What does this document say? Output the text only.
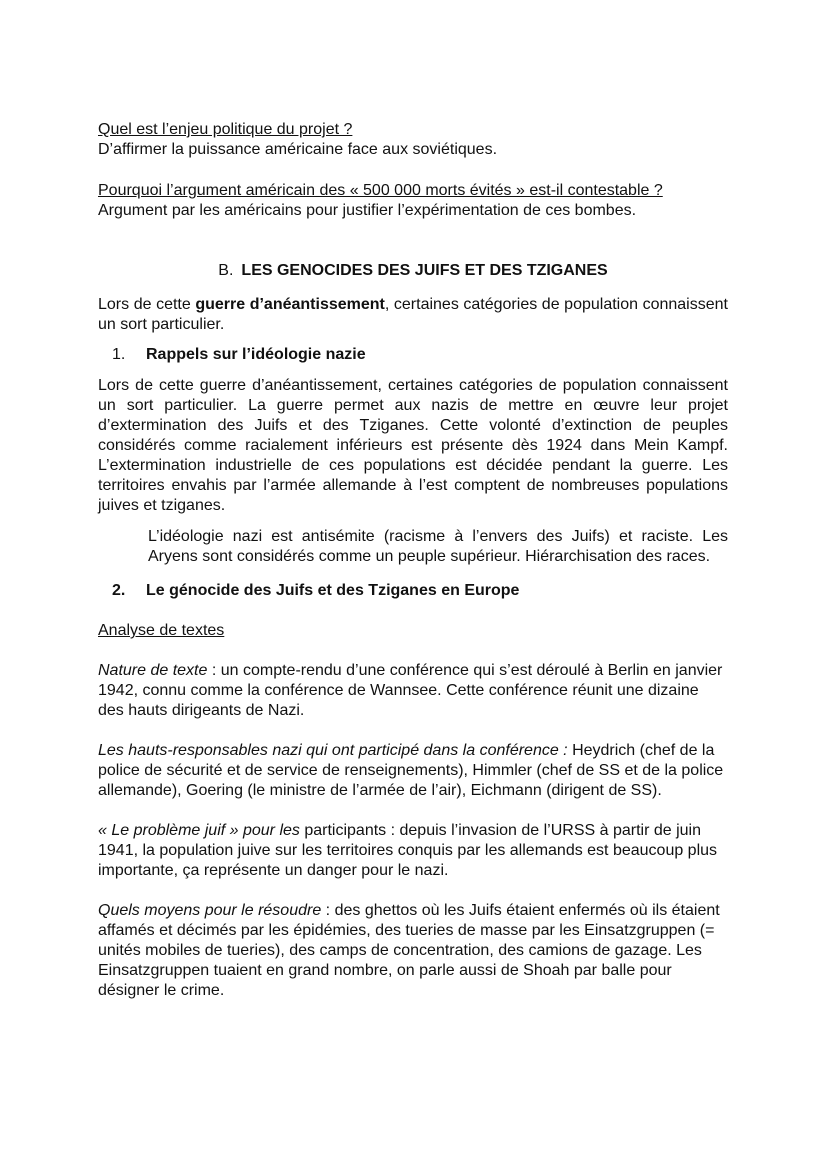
Quel est l’enjeu politique du projet ?

D’affirmer la puissance américaine face aux soviétiques.

Pourquoi l’argument américain des « 500 000 morts évités » est-il contestable ?

Argument par les américains pour justifier l’expérimentation de ces bombes.

B. LES GENOCIDES DES JUIFS ET DES TZIGANES

Lors de cette guerre d’anéantissement, certaines catégories de population connaissent un sort particulier.

1. Rappels sur l’idéologie nazie

Lors de cette guerre d’anéantissement, certaines catégories de population connaissent un sort particulier. La guerre permet aux nazis de mettre en œuvre leur projet d’extermination des Juifs et des Tziganes. Cette volonté d’extinction de peuples considérés comme racialement inférieurs est présente dès 1924 dans Mein Kampf. L’extermination industrielle de ces populations est décidée pendant la guerre. Les territoires envahis par l’armée allemande à l’est comptent de nombreuses populations juives et tziganes.

L’idéologie nazi est antisémite (racisme à l’envers des Juifs) et raciste. Les Aryens sont considérés comme un peuple supérieur. Hiérarchisation des races.

2. Le génocide des Juifs et des Tziganes en Europe

Analyse de textes

Nature de texte : un compte-rendu d’une conférence qui s’est déroulé à Berlin en janvier 1942, connu comme la conférence de Wannsee. Cette conférence réunit une dizaine des hauts dirigeants de Nazi.

Les hauts-responsables nazi qui ont participé dans la conférence : Heydrich (chef de la police de sécurité et de service de renseignements), Himmler (chef de SS et de la police allemande), Goering (le ministre de l’armée de l’air), Eichmann (dirigent de SS).

« Le problème juif » pour les participants : depuis l’invasion de l’URSS à partir de juin 1941, la population juive sur les territoires conquis par les allemands est beaucoup plus importante, ça représente un danger pour le nazi.

Quels moyens pour le résoudre : des ghettos où les Juifs étaient enfermés où ils étaient affamés et décimés par les épidémies, des tueries de masse par les Einsatzgruppen (= unités mobiles de tueries), des camps de concentration, des camions de gazage. Les Einsatzgruppen tuaient en grand nombre, on parle aussi de Shoah par balle pour désigner le crime.
